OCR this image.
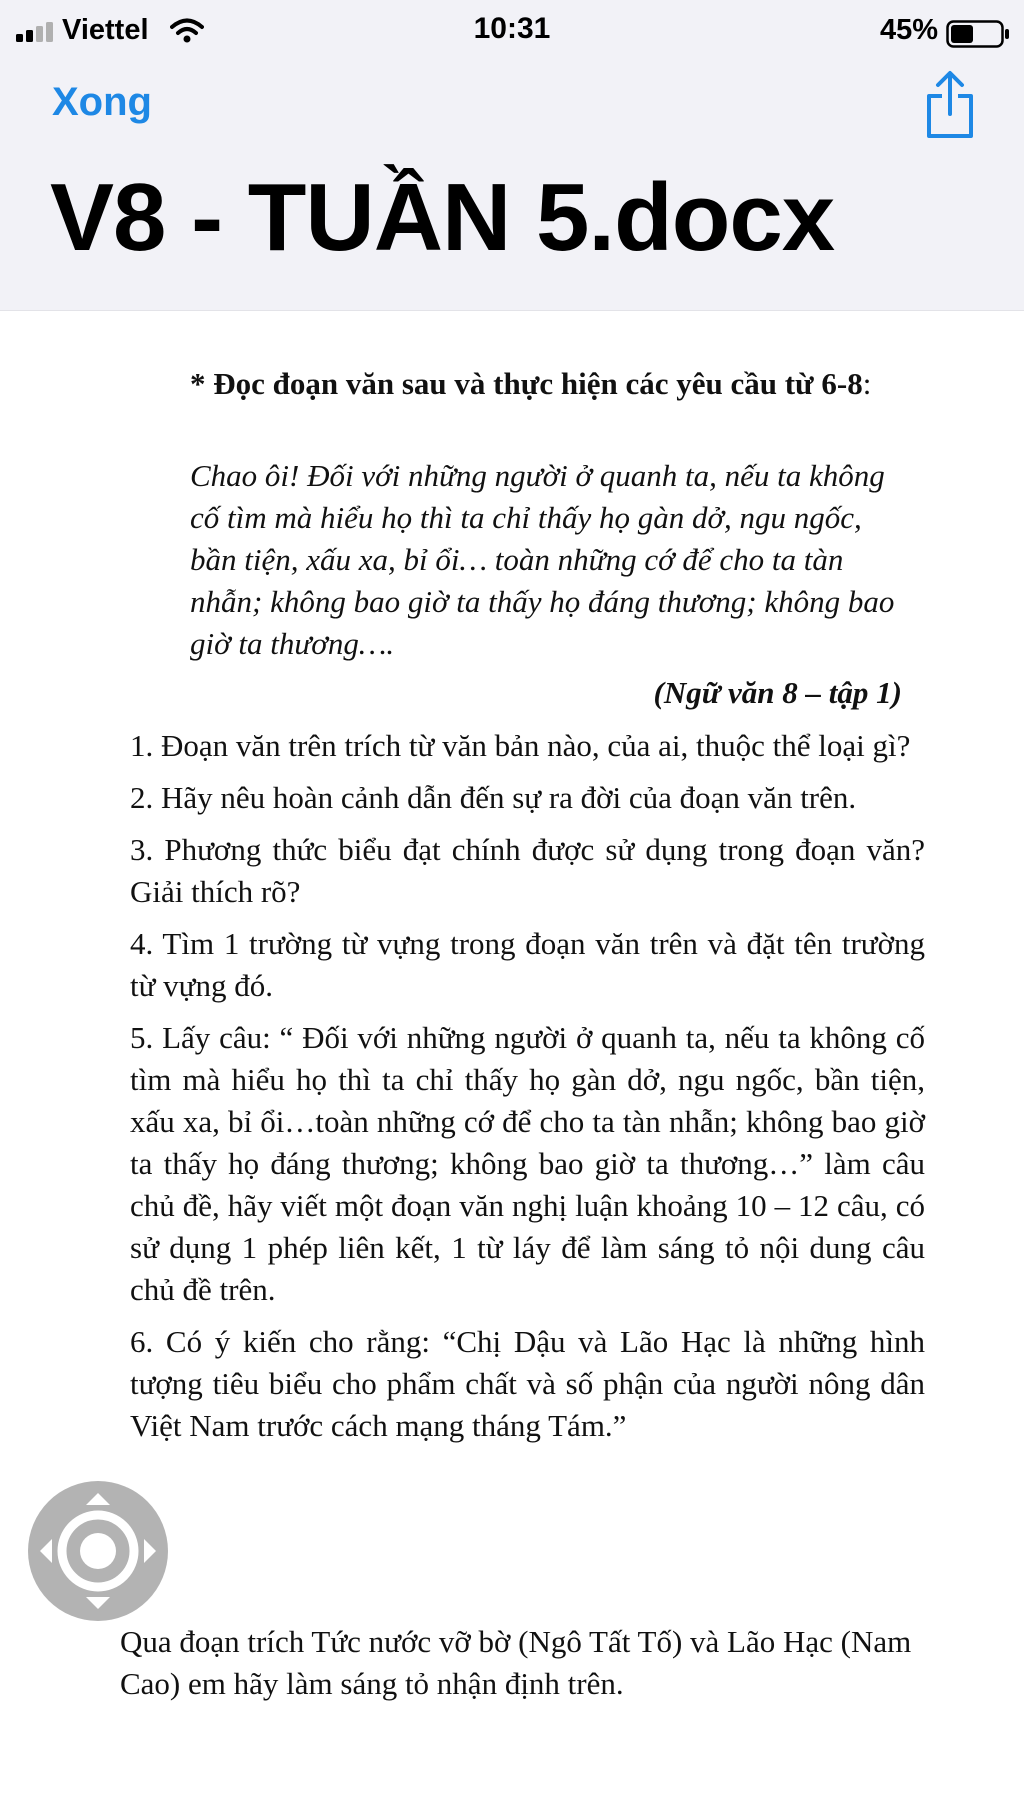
Viettel	10:31	45%
Xong
V8 - TUẦN 5.docx

* Đọc đoạn văn sau và thực hiện các yêu cầu từ 6-8:

Chao ôi! Đối với những người ở quanh ta, nếu ta không cố tìm mà hiểu họ thì ta chỉ thấy họ gàn dở, ngu ngốc, bần tiện, xấu xa, bỉ ổi… toàn những cớ để cho ta tàn nhẫn; không bao giờ ta thấy họ đáng thương; không bao giờ ta thương….

(Ngữ văn 8 – tập 1)

1. Đoạn văn trên trích từ văn bản nào, của ai, thuộc thể loại gì?

2. Hãy nêu hoàn cảnh dẫn đến sự ra đời của đoạn văn trên.

3. Phương thức biểu đạt chính được sử dụng trong đoạn văn?Giải thích rõ?

4. Tìm 1 trường từ vựng trong đoạn văn trên và đặt tên trường từ vựng đó.

5. Lấy câu: “ Đối với những người ở quanh ta, nếu ta không cố tìm mà hiểu họ thì ta chỉ thấy họ gàn dở, ngu ngốc, bần tiện, xấu xa, bỉ ổi…toàn những cớ để cho ta tàn nhẫn; không bao giờ ta thấy họ đáng thương; không bao giờ ta thương…” làm câu chủ đề, hãy viết một đoạn văn nghị luận khoảng 10 – 12 câu, có sử dụng 1 phép liên kết, 1 từ láy để làm sáng tỏ nội dung câu chủ đề trên.

6. Có ý kiến cho rằng: “Chị Dậu và Lão Hạc là những hình tượng tiêu biểu cho phẩm chất và số phận của người nông dân Việt Nam trước cách mạng tháng Tám.”

Qua đoạn trích Tức nước vỡ bờ (Ngô Tất Tố) và Lão Hạc (Nam Cao) em hãy làm sáng tỏ nhận định trên.
